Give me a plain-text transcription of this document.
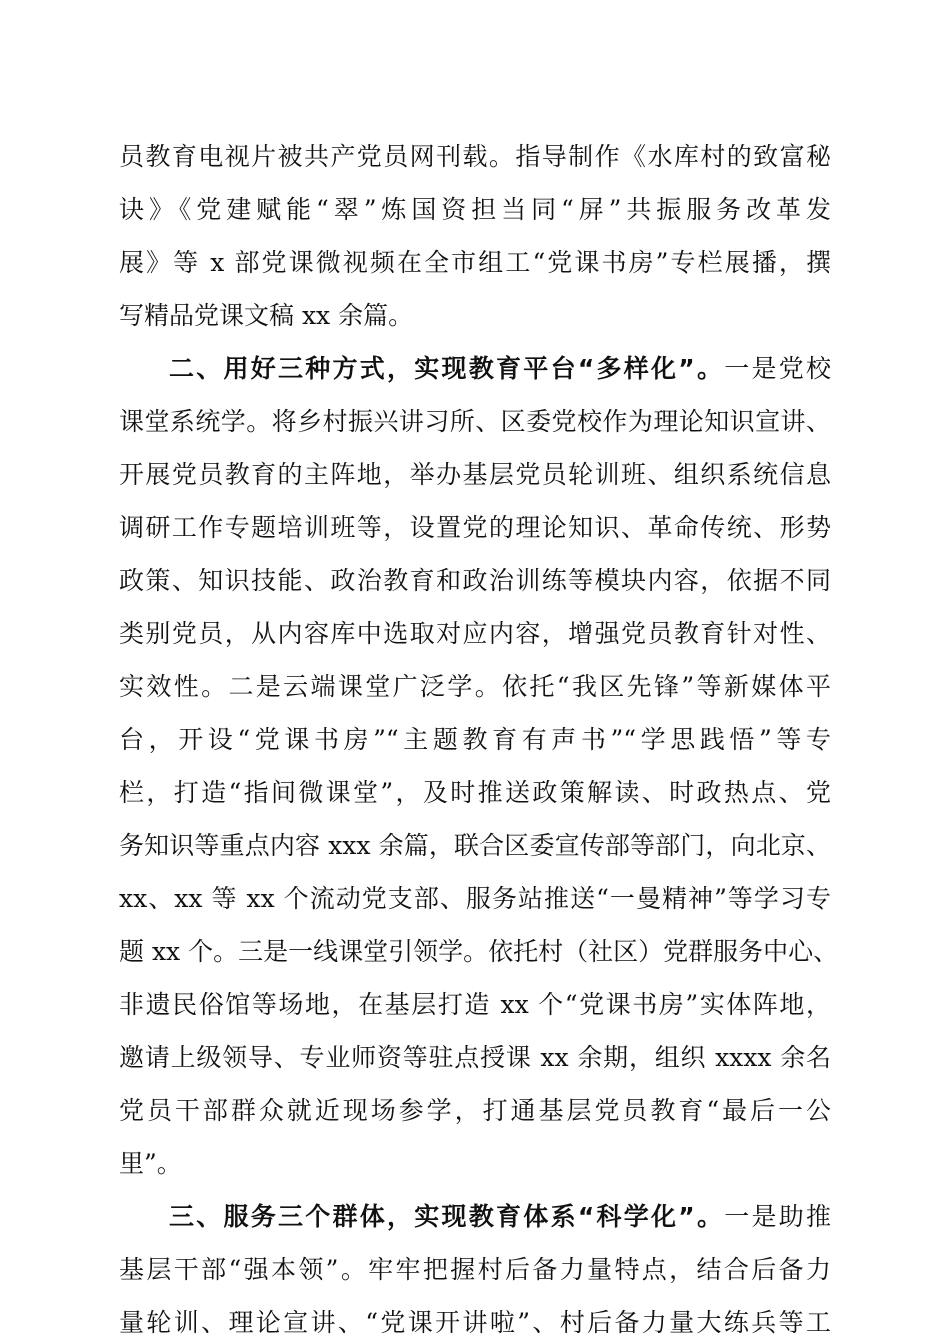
员教育电视片被共产党员网刊载。指导制作《水库村的致富秘
诀》《党建赋能“翠”炼国资担当同“屏”共振服务改革发
展》等 x 部党课微视频在全市组工“党课书房”专栏展播，撰
写精品党课文稿 xx 余篇。
二、用好三种方式，实现教育平台“多样化”。一是党校
课堂系统学。将乡村振兴讲习所、区委党校作为理论知识宣讲、
开展党员教育的主阵地，举办基层党员轮训班、组织系统信息
调研工作专题培训班等，设置党的理论知识、革命传统、形势
政策、知识技能、政治教育和政治训练等模块内容，依据不同
类别党员，从内容库中选取对应内容，增强党员教育针对性、
实效性。二是云端课堂广泛学。依托“我区先锋”等新媒体平
台，开设“党课书房”“主题教育有声书”“学思践悟”等专
栏，打造“指间微课堂”，及时推送政策解读、时政热点、党
务知识等重点内容 xxx 余篇，联合区委宣传部等部门，向北京、
xx、xx 等 xx 个流动党支部、服务站推送“一曼精神”等学习专
题 xx 个。三是一线课堂引领学。依托村（社区）党群服务中心、
非遗民俗馆等场地，在基层打造 xx 个“党课书房”实体阵地，
邀请上级领导、专业师资等驻点授课 xx 余期，组织 xxxx 余名
党员干部群众就近现场参学，打通基层党员教育“最后一公
里”。
三、服务三个群体，实现教育体系“科学化”。一是助推
基层干部“强本领”。牢牢把握村后备力量特点，结合后备力
量轮训、理论宣讲、“党课开讲啦”、村后备力量大练兵等工
